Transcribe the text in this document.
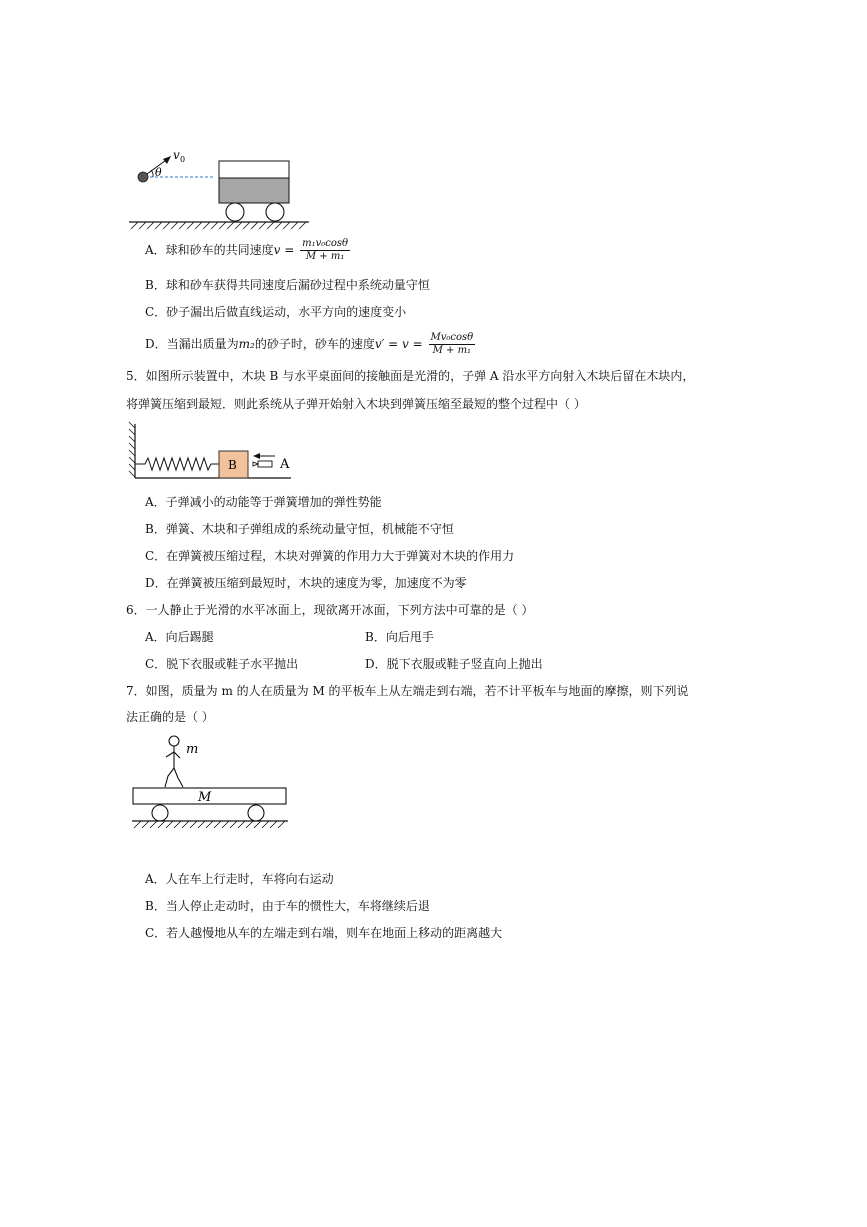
v 0
θ
A．球和砂车的共同速度$v = \frac{\text{m₁v₀cosθ}}{\text{M + m₁}}$
B．球和砂车获得共同速度后漏砂过程中系统动量守恒
C．砂子漏出后做直线运动，水平方向的速度变小
D．当漏出质量为m₂的砂子时，砂车的速度$v' = v = \frac{\text{Mv₀cosθ}}{\text{M + m₁}}$
5．如图所示装置中，木块 B 与水平桌面间的接触面是光滑的，子弹 A 沿水平方向射入木块后留在木块内，
将弹簧压缩到最短．则此系统从子弹开始射入木块到弹簧压缩至最短的整个过程中（ ）
B	A
A．子弹减小的动能等于弹簧增加的弹性势能
B．弹簧、木块和子弹组成的系统动量守恒，机械能不守恒
C．在弹簧被压缩过程，木块对弹簧的作用力大于弹簧对木块的作用力
D．在弹簧被压缩到最短时，木块的速度为零，加速度不为零
6．一人静止于光滑的水平冰面上，现欲离开冰面，下列方法中可靠的是（ ）
A．向后踢腿	B．向后甩手
C．脱下衣服或鞋子水平抛出	D．脱下衣服或鞋子竖直向上抛出
7．如图，质量为 m 的人在质量为 M 的平板车上从左端走到右端，若不计平板车与地面的摩擦，则下列说
法正确的是（ ）
m
M
A．人在车上行走时，车将向右运动
B．当人停止走动时，由于车的惯性大，车将继续后退
C．若人越慢地从车的左端走到右端，则车在地面上移动的距离越大
